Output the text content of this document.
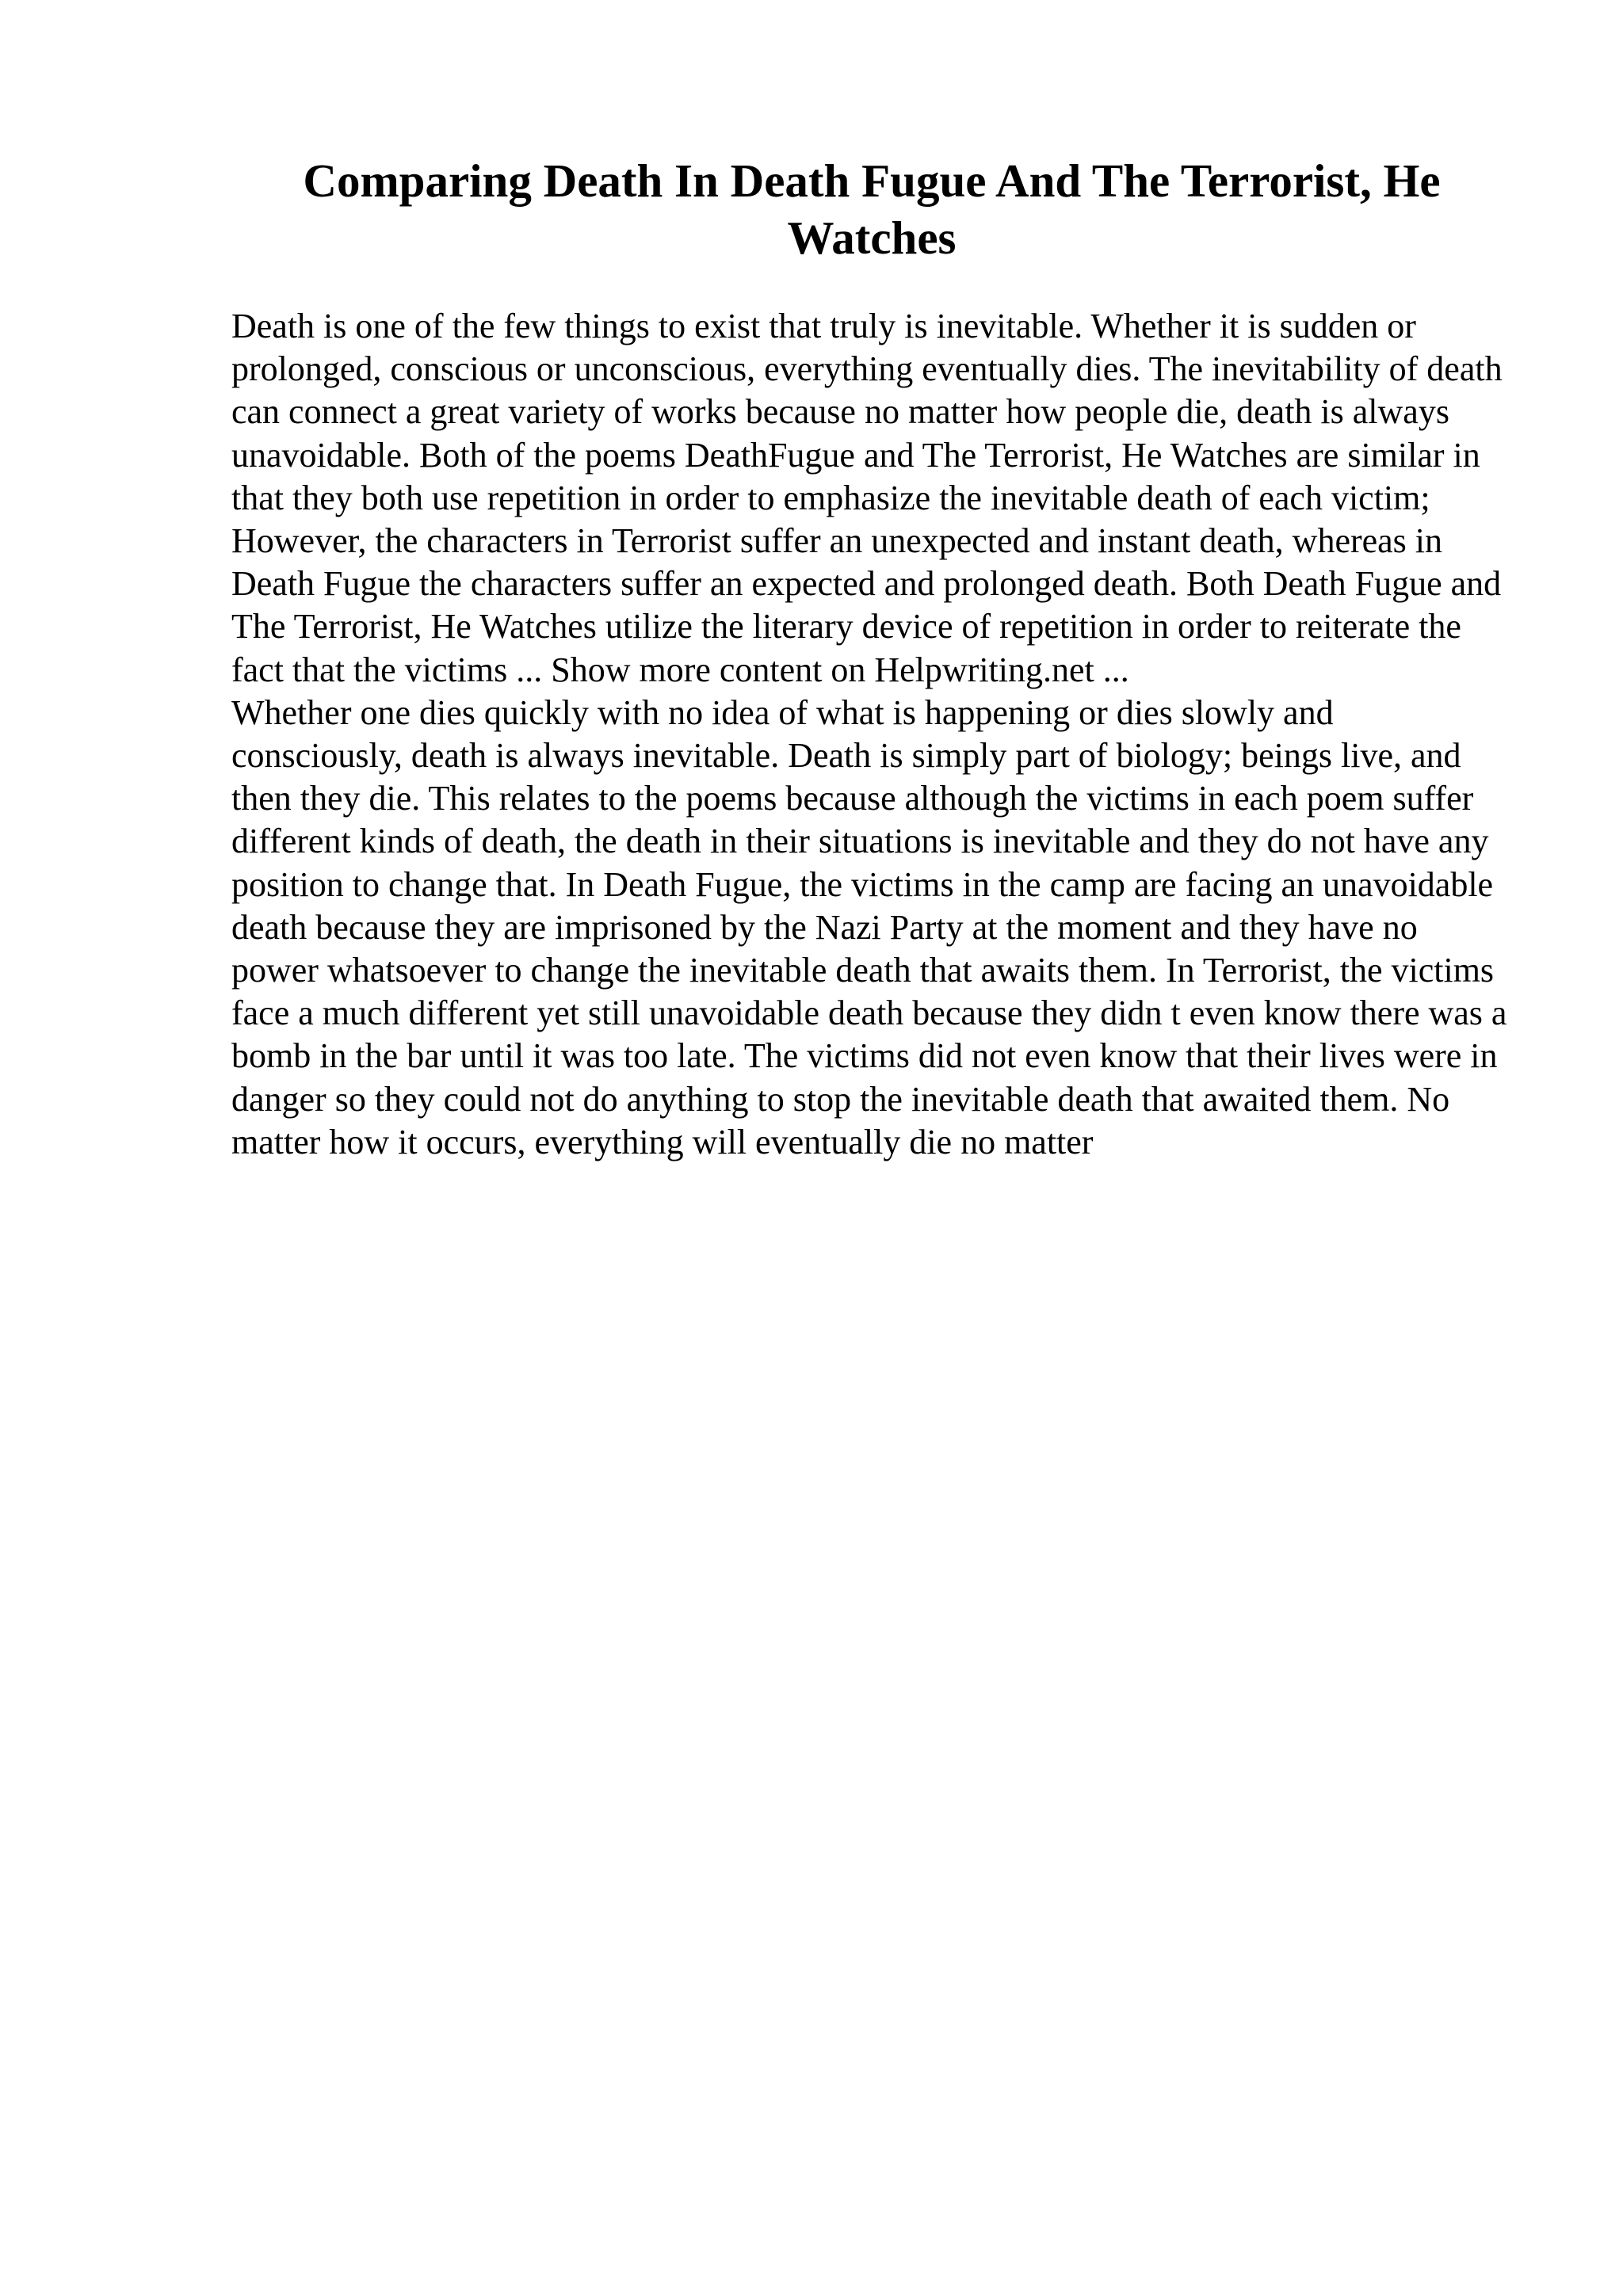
Comparing Death In Death Fugue And The Terrorist, He Watches

Death is one of the few things to exist that truly is inevitable. Whether it is sudden or prolonged, conscious or unconscious, everything eventually dies. The inevitability of death can connect a great variety of works because no matter how people die, death is always unavoidable. Both of the poems DeathFugue and The Terrorist, He Watches are similar in that they both use repetition in order to emphasize the inevitable death of each victim; However, the characters in Terrorist suffer an unexpected and instant death, whereas in Death Fugue the characters suffer an expected and prolonged death. Both Death Fugue and The Terrorist, He Watches utilize the literary device of repetition in order to reiterate the fact that the victims ... Show more content on Helpwriting.net ...

Whether one dies quickly with no idea of what is happening or dies slowly and consciously, death is always inevitable. Death is simply part of biology; beings live, and then they die. This relates to the poems because although the victims in each poem suffer different kinds of death, the death in their situations is inevitable and they do not have any position to change that. In Death Fugue, the victims in the camp are facing an unavoidable death because they are imprisoned by the Nazi Party at the moment and they have no power whatsoever to change the inevitable death that awaits them. In Terrorist, the victims face a much different yet still unavoidable death because they didn t even know there was a bomb in the bar until it was too late. The victims did not even know that their lives were in danger so they could not do anything to stop the inevitable death that awaited them. No matter how it occurs, everything will eventually die no matter
